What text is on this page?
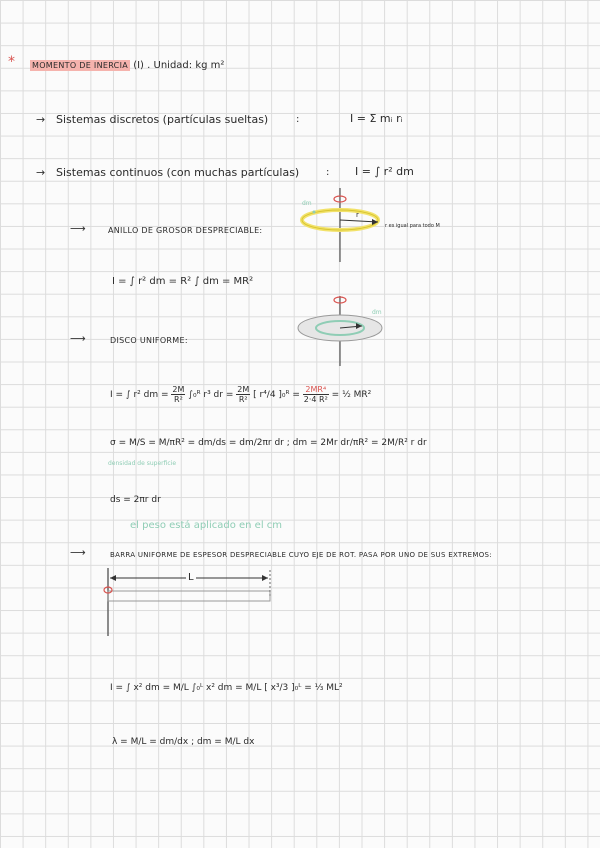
* MOMENTO DE INERCIA (I) . Unidad: kg m²
→ Sistemas discretos (partículas sueltas)	:	I = Σ mᵢ rᵢ
→ Sistemas continuos (con muchas partículas)	: I = ∫ r² dm
⟶	ANILLO DE GROSOR DESPRECIABLE:
dm
r
r es igual para todo M
I = ∫ r² dm = R² ∫ dm = MR²
⟶	DISCO UNIFORME:
dm
I = ∫ r² dm = $\frac{2M}{\text{R²}}$ ∫₀ᴿ r³ dr = $\frac{2M}{\text{R²}}$ [ r⁴/4 ]₀ᴿ = $\frac{\text{2MR⁴}}{\text{2·4 R²}}$ = ½ MR²
σ = M/S = M/πR² = dm/ds = dm/2πr dr ; dm = 2Mr dr/πR² = 2M/R² r dr
densidad de superficie
ds = 2πr dr
el peso está aplicado en el cm
⟶	BARRA UNIFORME DE ESPESOR DESPRECIABLE CUYO EJE DE ROT. PASA POR UNO DE SUS EXTREMOS:
L
I = ∫ x² dm = M/L ∫₀ᴸ x² dm = M/L [ x³/3 ]₀ᴸ = ⅓ ML²
λ = M/L = dm/dx ; dm = M/L dx
